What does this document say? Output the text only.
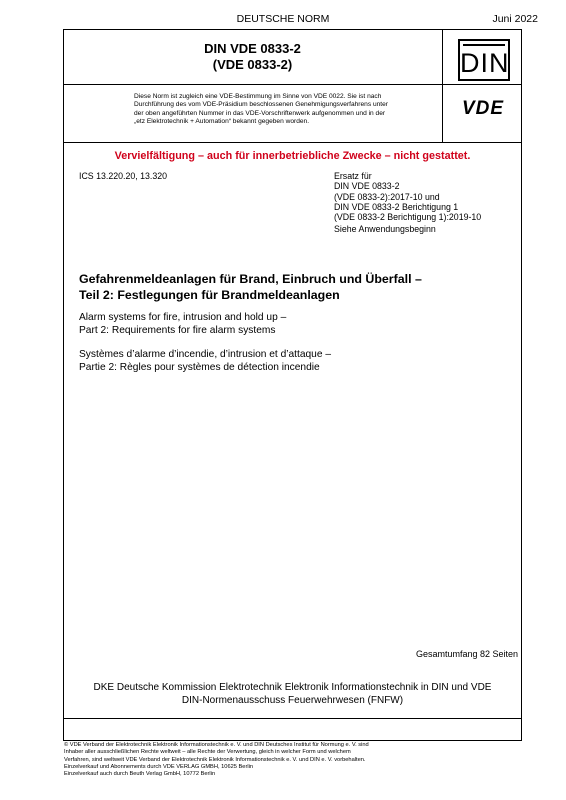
DEUTSCHE NORM	Juni 2022
DIN VDE 0833-2
(VDE 0833-2)
Diese Norm ist zugleich eine VDE-Bestimmung im Sinne von VDE 0022. Sie ist nach
Durchführung des vom VDE-Präsidium beschlossenen Genehmigungsverfahrens unter
der oben angeführten Nummer in das VDE-Vorschriftenwerk aufgenommen und in der
„etz Elektrotechnik + Automation“ bekannt gegeben worden.
DIN
VDE
Vervielfältigung – auch für innerbetriebliche Zwecke – nicht gestattet.
ICS 13.220.20, 13.320	Ersatz für
DIN VDE 0833-2
(VDE 0833-2):2017-10 und
DIN VDE 0833-2 Berichtigung 1
(VDE 0833-2 Berichtigung 1):2019-10
Siehe Anwendungsbeginn
Gefahrenmeldeanlagen für Brand, Einbruch und Überfall –
Teil 2: Festlegungen für Brandmeldeanlagen
Alarm systems for fire, intrusion and hold up –
Part 2: Requirements for fire alarm systems
Systèmes d’alarme d’incendie, d’intrusion et d’attaque –
Partie 2: Règles pour systèmes de détection incendie
Gesamtumfang 82 Seiten
DKE Deutsche Kommission Elektrotechnik Elektronik Informationstechnik in DIN und VDE
DIN-Normenausschuss Feuerwehrwesen (FNFW)
© VDE Verband der Elektrotechnik Elektronik Informationstechnik e. V. und DIN Deutsches Institut für Normung e. V. sind
Inhaber aller ausschließlichen Rechte weltweit – alle Rechte der Verwertung, gleich in welcher Form und welchem
Verfahren, sind weltweit VDE Verband der Elektrotechnik Elektronik Informationstechnik e. V. und DIN e. V. vorbehalten.
Einzelverkauf und Abonnements durch VDE VERLAG GMBH, 10625 Berlin
Einzelverkauf auch durch Beuth Verlag GmbH, 10772 Berlin
